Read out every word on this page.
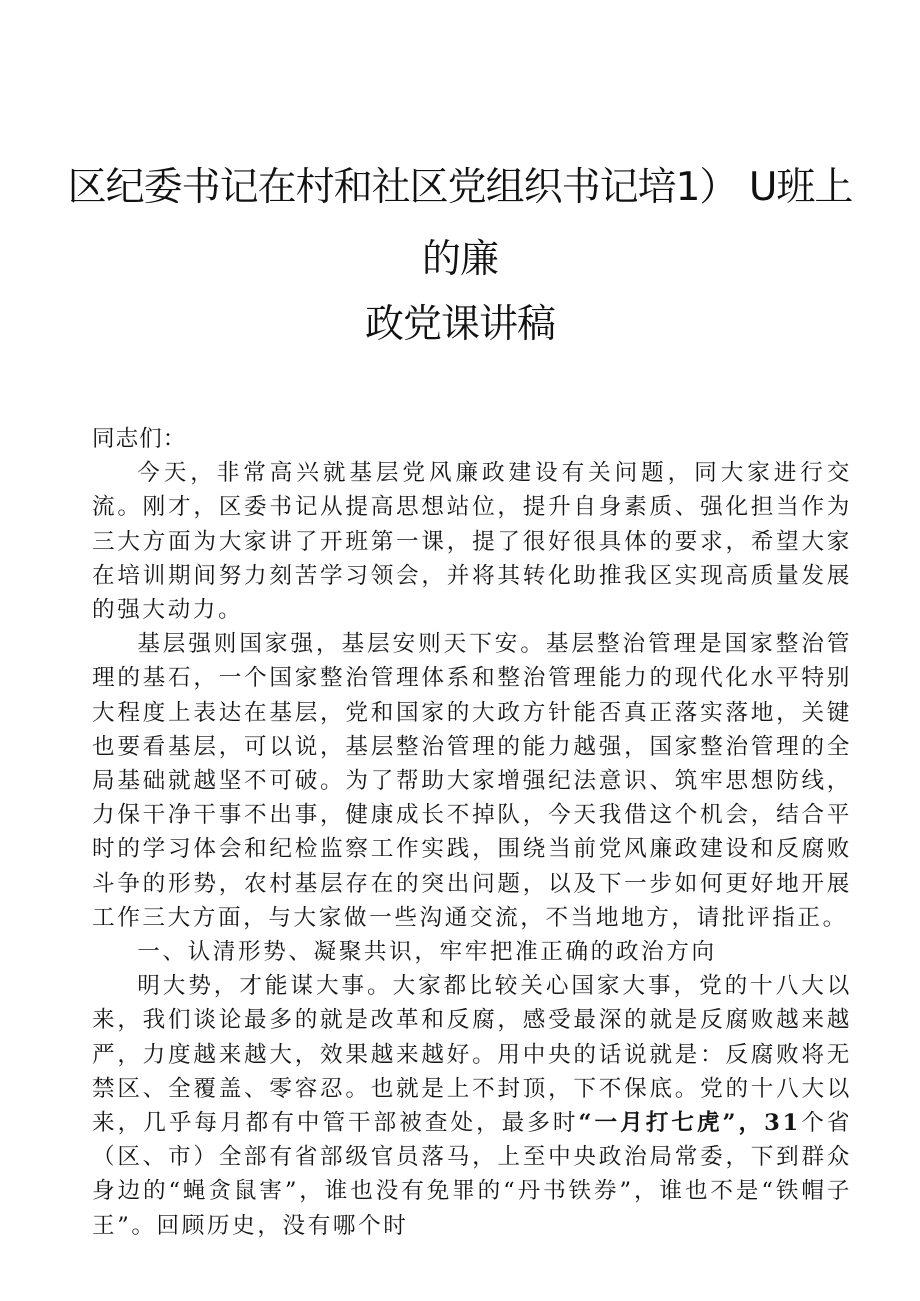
区纪委书记在村和社区党组织书记培1） U班上
的廉
政党课讲稿

同志们：

今天，非常高兴就基层党风廉政建设有关问题，同大家进行交流。刚才，区委书记从提高思想站位，提升自身素质、强化担当作为三大方面为大家讲了开班第一课，提了很好很具体的要求，希望大家在培训期间努力刻苦学习领会，并将其转化助推我区实现高质量发展的强大动力。

基层强则国家强，基层安则天下安。基层整治管理是国家整治管理的基石，一个国家整治管理体系和整治管理能力的现代化水平特别大程度上表达在基层，党和国家的大政方针能否真正落实落地，关键也要看基层，可以说，基层整治管理的能力越强，国家整治管理的全局基础就越坚不可破。为了帮助大家增强纪法意识、筑牢思想防线，力保干净干事不出事，健康成长不掉队，今天我借这个机会，结合平时的学习体会和纪检监察工作实践，围绕当前党风廉政建设和反腐败斗争的形势，农村基层存在的突出问题，以及下一步如何更好地开展工作三大方面，与大家做一些沟通交流，不当地地方，请批评指正。

一、认清形势、凝聚共识，牢牢把准正确的政治方向

明大势，才能谋大事。大家都比较关心国家大事，党的十八大以来，我们谈论最多的就是改革和反腐，感受最深的就是反腐败越来越严，力度越来越大，效果越来越好。用中央的话说就是：反腐败将无禁区、全覆盖、零容忍。也就是上不封顶，下不保底。党的十八大以来，几乎每月都有中管干部被查处，最多时“一月打七虎”，31个省（区、市）全部有省部级官员落马，上至中央政治局常委，下到群众身边的“蝇贪鼠害”，谁也没有免罪的“丹书铁券”，谁也不是“铁帽子王”。回顾历史，没有哪个时
